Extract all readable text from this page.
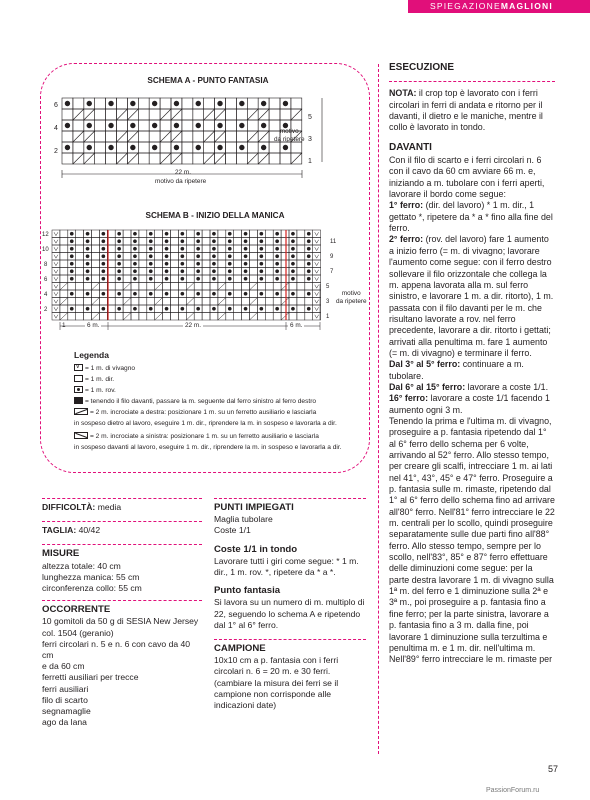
SPIEGAZIONEMAGLIONI
SCHEMA A - PUNTO FANTASIA
6
4
2
5
3
1
motivo
da ripetere
22 m.
motivo da ripetere
SCHEMA B - INIZIO DELLA MANICA
12
10
8
6
4
2
11
9
7
5
3
1
motivo
da ripetere
1	6 m.	22 m.	6 m.
Legenda
v= 1 m. di vivagno
= 1 m. dir.
= 1 m. rov.
= tenendo il filo davanti, passare la m. seguente dal ferro sinistro al ferro destro
= 2 m. incrociate a destra: posizionare 1 m. su un ferretto ausiliario e lasciarla
in sospeso dietro al lavoro, eseguire 1 m. dir., riprendere la m. in sospeso e lavorarla a dir.
= 2 m. incrociate a sinistra: posizionare 1 m. su un ferretto ausiliario e lasciarla
in sospeso davanti al lavoro, eseguire 1 m. dir., riprendere la m. in sospeso e lavorarla a dir.

DIFFICOLTÀ: media

TAGLIA: 40/42

MISURE

altezza totale: 40 cm

lunghezza manica: 55 cm

circonferenza collo: 55 cm

OCCORRENTE

10 gomitoli da 50 g di SESIA New Jersey

col. 1504 (geranio)

ferri circolari n. 5 e n. 6 con cavo da 40 cm

e da 60 cm

ferretti ausiliari per trecce

ferri ausiliari

filo di scarto

segnamaglie

ago da lana

PUNTI IMPIEGATI

Maglia tubolare

Coste 1/1

Coste 1/1 in tondo

Lavorare tutti i giri come segue: * 1 m. dir., 1 m. rov. *, ripetere da * a *.

Punto fantasia

Si lavora su un numero di m. multiplo di 22, seguendo lo schema A e ripetendo dal 1° al 6° ferro.

CAMPIONE

10x10 cm a p. fantasia con i ferri circolari n. 6 = 20 m. e 30 ferri.

(cambiare la misura dei ferri se il campione non corrisponde alle indicazioni date)

ESECUZIONE

NOTA: il crop top è lavorato con i ferri circolari in ferri di andata e ritorno per il davanti, il dietro e le maniche, mentre il collo è lavorato in tondo.

DAVANTI

Con il filo di scarto e i ferri circolari n. 6 con il cavo da 60 cm avviare 66 m. e, iniziando a m. tubolare con i ferri aperti, lavorare il bordo come segue:

1° ferro: (dir. del lavoro) * 1 m. dir., 1 gettato *, ripetere da * a * fino alla fine del ferro.

2° ferro: (rov. del lavoro) fare 1 aumento a inizio ferro (= m. di vivagno; lavorare l'aumento come segue: con il ferro destro sollevare il filo orizzontale che collega la m. appena lavorata alla m. sul ferro sinistro, e lavorare 1 m. a dir. ritorto), 1 m. passata con il filo davanti per le m. che risultano lavorate a rov. nel ferro precedente, lavorare a dir. ritorto i gettati; arrivati alla penultima m. fare 1 aumento (= m. di vivagno) e terminare il ferro.

Dal 3° al 5° ferro: continuare a m. tubolare.

Dal 6° al 15° ferro: lavorare a coste 1/1.

16° ferro: lavorare a coste 1/1 facendo 1 aumento ogni 3 m.

Tenendo la prima e l'ultima m. di vivagno, proseguire a p. fantasia ripetendo dal 1° al 6° ferro dello schema per 6 volte, arrivando al 52° ferro. Allo stesso tempo, per creare gli scalfi, intrecciare 1 m. ai lati nel 41°, 43°, 45° e 47° ferro. Proseguire a p. fantasia sulle m. rimaste, ripetendo dal 1° al 6° ferro dello schema fino ad arrivare all'80° ferro. Nell'81° ferro intrecciare le 22 m. centrali per lo scollo, quindi proseguire separatamente sulle due parti fino all'88° ferro. Allo stesso tempo, sempre per lo scollo, nell'83°, 85° e 87° ferro effettuare delle diminuzioni come segue: per la parte destra lavorare 1 m. di vivagno sulla 1ª m. del ferro e 1 diminuzione sulla 2ª e 3ª m., poi proseguire a p. fantasia fino a fine ferro; per la parte sinistra, lavorare a p. fantasia fino a 3 m. dalla fine, poi lavorare 1 diminuzione sulla terzultima e penultima m. e 1 m. dir. nell'ultima m. Nell'89° ferro intrecciare le m. rimaste per

57
PassionForum.ru
